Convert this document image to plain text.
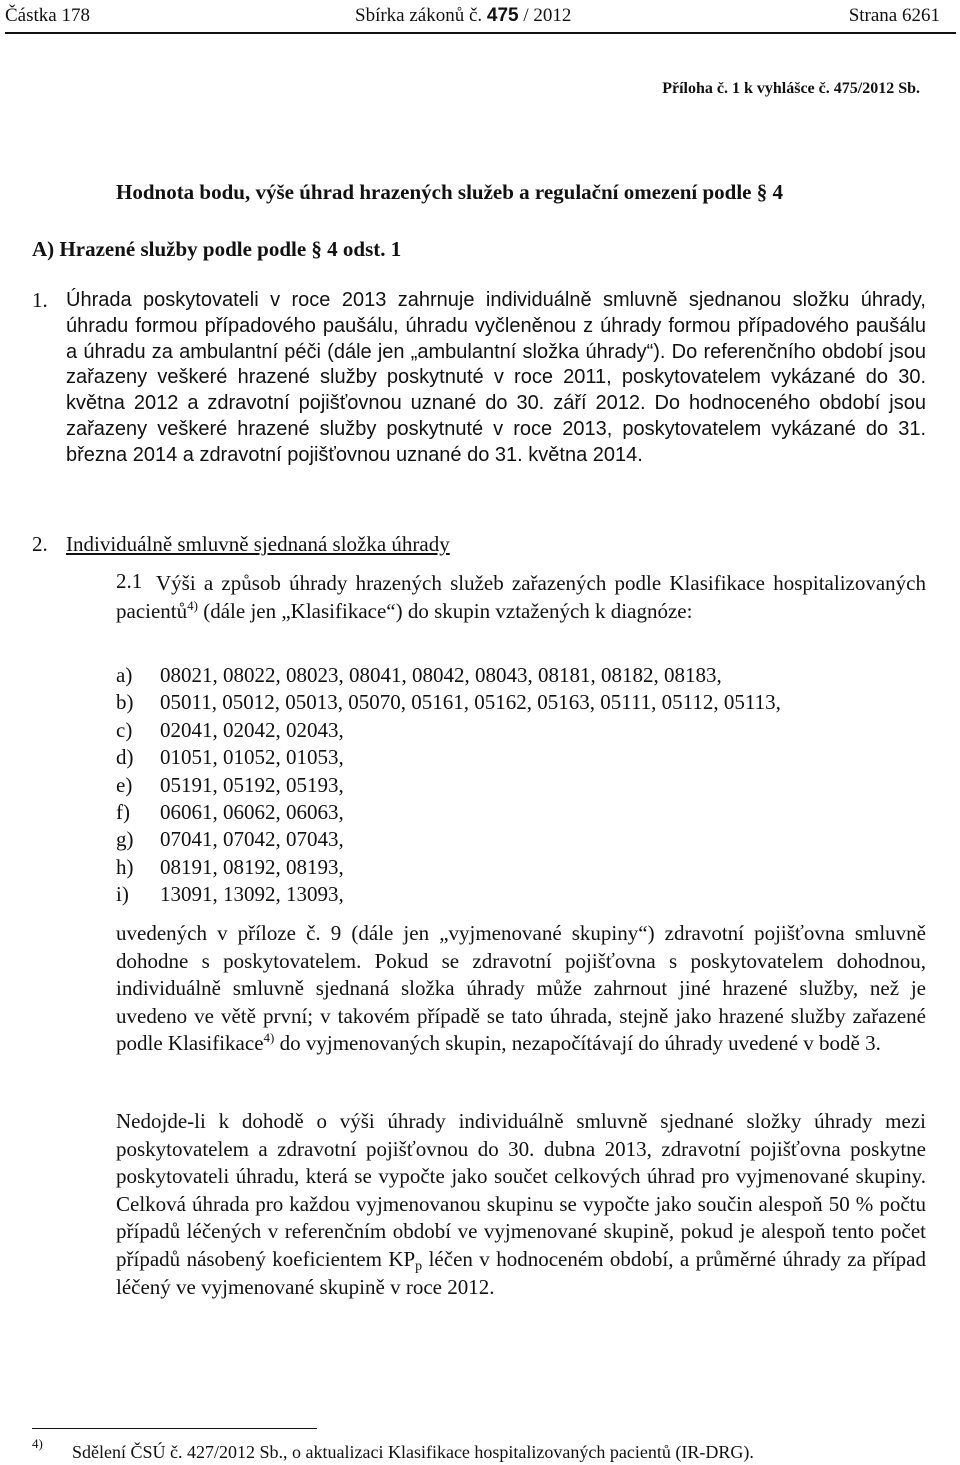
Částka 178	Sbírka zákonů č. 475 / 2012	Strana 6261
Příloha č. 1 k vyhlášce č. 475/2012 Sb.
Hodnota bodu, výše úhrad hrazených služeb a regulační omezení podle § 4
A) Hrazené služby podle podle § 4 odst. 1
1. Úhrada poskytovateli v roce 2013 zahrnuje individuálně smluvně sjednanou složku úhrady, úhradu formou případového paušálu, úhradu vyčleněnou z úhrady formou případového paušálu a úhradu za ambulantní péči (dále jen „ambulantní složka úhrady“). Do referenčního období jsou zařazeny veškeré hrazené služby poskytnuté v roce 2011, poskytovatelem vykázané do 30. května 2012 a zdravotní pojišťovnou uznané do 30. září 2012. Do hodnoceného období jsou zařazeny veškeré hrazené služby poskytnuté v roce 2013, poskytovatelem vykázané do 31. března 2014 a zdravotní pojišťovnou uznané do 31. května 2014.
2. Individuálně smluvně sjednaná složka úhrady
Výši a způsob úhrady hrazených služeb zařazených podle Klasifikace hospitalizovaných pacientů$^{4)}$ (dále jen „Klasifikace“) do skupin vztažených k diagnóze:
2.1
a)	08021, 08022, 08023, 08041, 08042, 08043, 08181, 08182, 08183,
b)	05011, 05012, 05013, 05070, 05161, 05162, 05163, 05111, 05112, 05113,
c)	02041, 02042, 02043,
d)	01051, 01052, 01053,
e)	05191, 05192, 05193,
f)	06061, 06062, 06063,
g)	07041, 07042, 07043,
h)	08191, 08192, 08193,
i)	13091, 13092, 13093,
uvedených v příloze č. 9 (dále jen „vyjmenované skupiny“) zdravotní pojišťovna smluvně dohodne s poskytovatelem. Pokud se zdravotní pojišťovna s poskytovatelem dohodnou, individuálně smluvně sjednaná složka úhrady může zahrnout jiné hrazené služby, než je uvedeno ve větě první; v takovém případě se tato úhrada, stejně jako hrazené služby zařazené podle Klasifikace$^{4)}$ do vyjmenovaných skupin, nezapočítávají do úhrady uvedené v bodě 3.
Nedojde-li k dohodě o výši úhrady individuálně smluvně sjednané složky úhrady mezi poskytovatelem a zdravotní pojišťovnou do 30. dubna 2013, zdravotní pojišťovna poskytne poskytovateli úhradu, která se vypočte jako součet celkových úhrad pro vyjmenované skupiny. Celková úhrada pro každou vyjmenovanou skupinu se vypočte jako součin alespoň 50 % počtu případů léčených v referenčním období ve vyjmenované skupině, pokud je alespoň tento počet případů násobený koeficientem $KP_p$ léčen v hodnoceném období, a průměrné úhrady za případ léčený ve vyjmenované skupině v roce 2012.
4) Sdělení ČSÚ č. 427/2012 Sb., o aktualizaci Klasifikace hospitalizovaných pacientů (IR-DRG).
